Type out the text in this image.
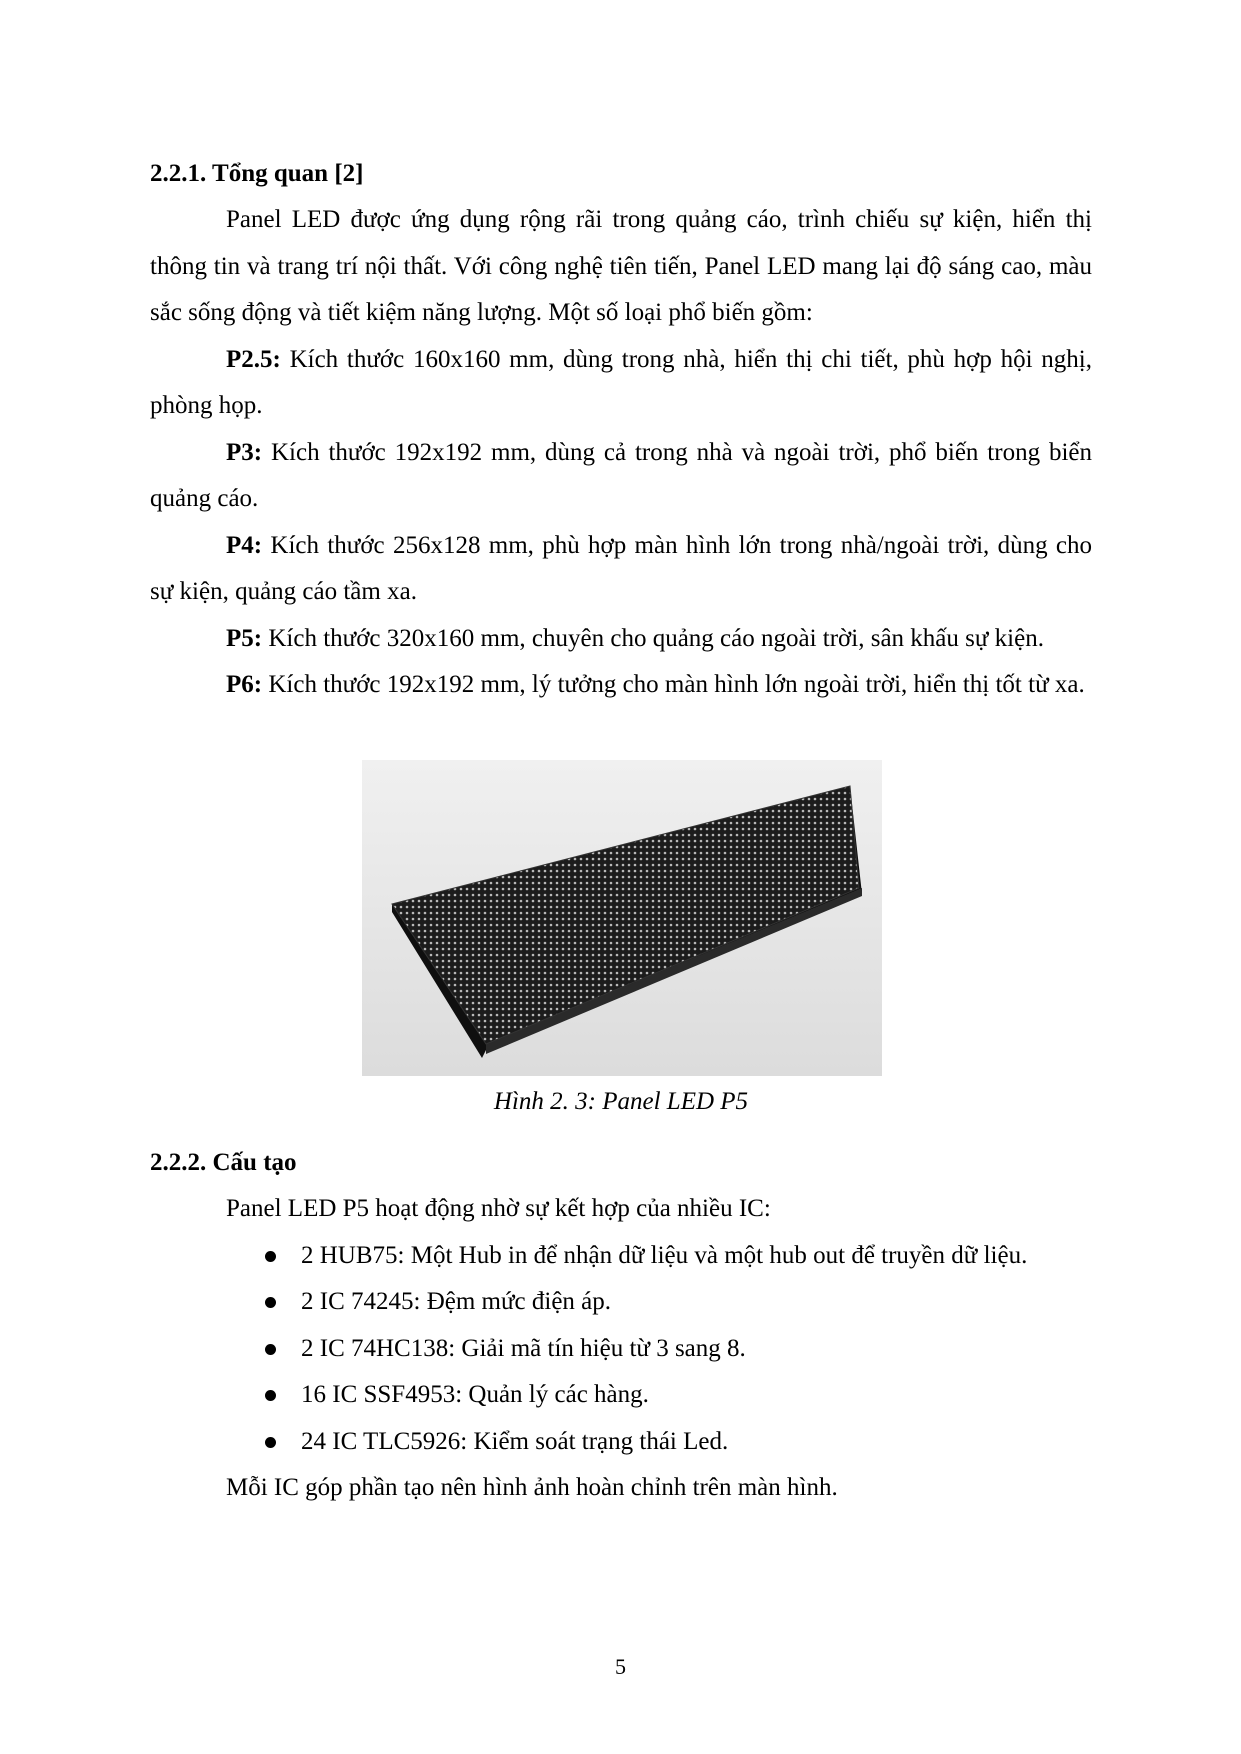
2.2.1. Tổng quan [2]

Panel LED được ứng dụng rộng rãi trong quảng cáo, trình chiếu sự kiện, hiển thị thông tin và trang trí nội thất. Với công nghệ tiên tiến, Panel LED mang lại độ sáng cao, màu sắc sống động và tiết kiệm năng lượng. Một số loại phổ biến gồm:

P2.5: Kích thước 160x160 mm, dùng trong nhà, hiển thị chi tiết, phù hợp hội nghị, phòng họp.

P3: Kích thước 192x192 mm, dùng cả trong nhà và ngoài trời, phổ biến trong biển quảng cáo.

P4: Kích thước 256x128 mm, phù hợp màn hình lớn trong nhà/ngoài trời, dùng cho sự kiện, quảng cáo tầm xa.

P5: Kích thước 320x160 mm, chuyên cho quảng cáo ngoài trời, sân khấu sự kiện.

P6: Kích thước 192x192 mm, lý tưởng cho màn hình lớn ngoài trời, hiển thị tốt từ xa.

Hình 2. 3: Panel LED P5

2.2.2. Cấu tạo

Panel LED P5 hoạt động nhờ sự kết hợp của nhiều IC:

2 HUB75: Một Hub in để nhận dữ liệu và một hub out để truyền dữ liệu.
2 IC 74245: Đệm mức điện áp.
2 IC 74HC138: Giải mã tín hiệu từ 3 sang 8.
16 IC SSF4953: Quản lý các hàng.
24 IC TLC5926: Kiểm soát trạng thái Led.

Mỗi IC góp phần tạo nên hình ảnh hoàn chỉnh trên màn hình.

5
